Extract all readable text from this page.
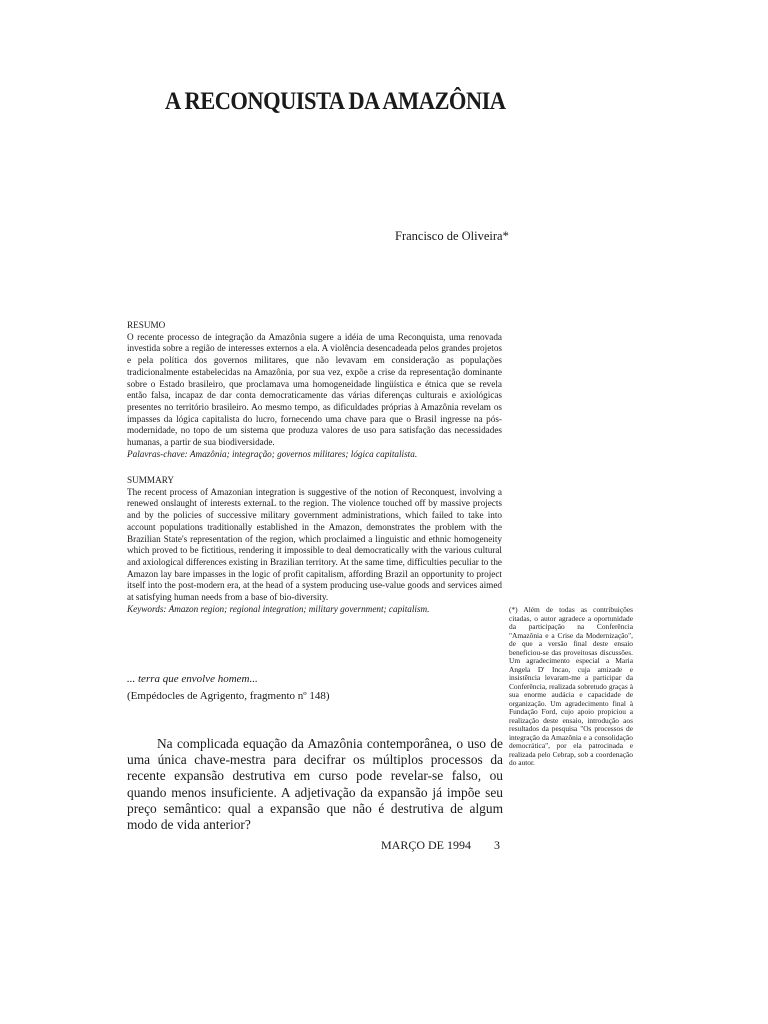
A RECONQUISTA DA AMAZÔNIA
Francisco de Oliveira*
RESUMO
O recente processo de integração da Amazônia sugere a idéia de uma Reconquista, uma renovada investida sobre a região de interesses externos a ela. A violência desencadeada pelos grandes projetos e pela política dos governos militares, que não levavam em consideração as populações tradicionalmente estabelecidas na Amazônia, por sua vez, expõe a crise da representação dominante sobre o Estado brasileiro, que proclamava uma homogeneidade lingüística e étnica que se revela então falsa, incapaz de dar conta democraticamente das várias diferenças culturais e axiológicas presentes no território brasileiro. Ao mesmo tempo, as dificuldades próprias à Amazônia revelam os impasses da lógica capitalista do lucro, fornecendo uma chave para que o Brasil ingresse na pós-modernidade, no topo de um sistema que produza valores de uso para satisfação das necessidades humanas, a partir de sua biodiversidade.
Palavras-chave: Amazônia; integração; governos militares; lógica capitalista.
SUMMARY
The recent process of Amazonian integration is suggestive of the notion of Reconquest, involving a renewed onslaught of interests externaL to the region. The violence touched off by massive projects and by the policies of successive military government administrations, which failed to take into account populations traditionally established in the Amazon, demonstrates the problem with the Brazilian State's representation of the region, which proclaimed a linguistic and ethnic homogeneity which proved to be fictitious, rendering it impossible to deal democratically with the various cultural and axiological differences existing in Brazilian territory. At the same time, difficulties peculiar to the Amazon lay bare impasses in the logic of profit capitalism, affording Brazil an opportunity to project itself into the post-modern era, at the head of a system producing use-value goods and services aimed at satisfying human needs from a base of bio-diversity.
Keywords: Amazon region; regional integration; military government; capitalism.
... terra que envolve homem...
(Empédocles de Agrigento, fragmento nº 148)
Na complicada equação da Amazônia contemporânea, o uso de uma única chave-mestra para decifrar os múltiplos processos da recente expansão destrutiva em curso pode revelar-se falso, ou quando menos insuficiente. A adjetivação da expansão já impõe seu preço semântico: qual a expansão que não é destrutiva de algum modo de vida anterior?
(*) Além de todas as contribuições citadas, o autor agradece a oportunidade da participação na Conferência "Amazônia e a Crise da Modernização", de que a versão final deste ensaio beneficiou-se das proveitosas discussões. Um agradecimento especial a Maria Angela D' Incao, cuja amizade e insistência levaram-me a participar da Conferência, realizada sobretudo graças à sua enorme audácia e capacidade de organização. Um agradecimento final à Fundação Ford, cujo apoio propiciou a realização deste ensaio, introdução aos resultados da pesquisa "Os processos de integração da Amazônia e a consolidação democrática", por ela patrocinada e realizada pelo Cebrap, sob a coordenação do autor.
MARÇO DE 1994 3
